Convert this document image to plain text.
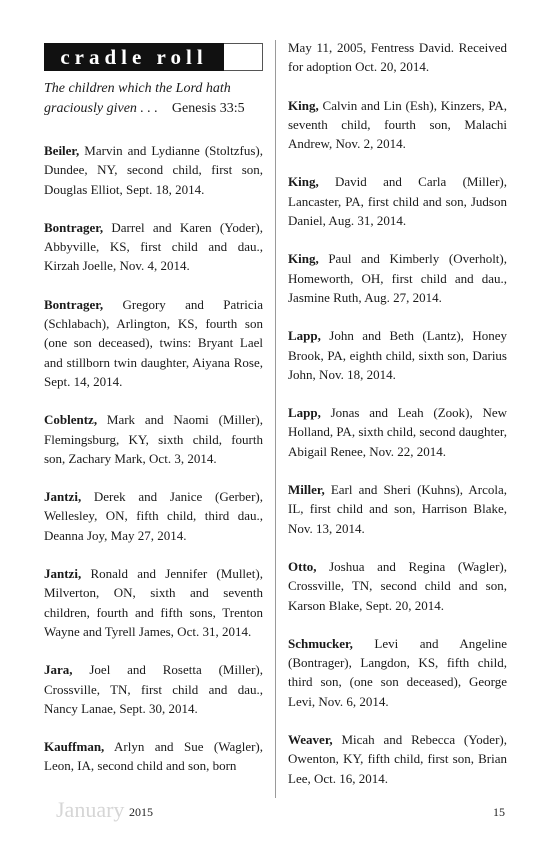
cradle roll
The children which the Lord hath graciously given . . . Genesis 33:5
Beiler, Marvin and Lydianne (Stoltzfus), Dundee, NY, second child, first son, Douglas Elliot, Sept. 18, 2014.
Bontrager, Darrel and Karen (Yoder), Abbyville, KS, first child and dau., Kirzah Joelle, Nov. 4, 2014.
Bontrager, Gregory and Patricia (Schlabach), Arlington, KS, fourth son (one son deceased), twins: Bryant Lael and stillborn twin daughter, Aiyana Rose, Sept. 14, 2014.
Coblentz, Mark and Naomi (Miller), Flemingsburg, KY, sixth child, fourth son, Zachary Mark, Oct. 3, 2014.
Jantzi, Derek and Janice (Gerber), Wellesley, ON, fifth child, third dau., Deanna Joy, May 27, 2014.
Jantzi, Ronald and Jennifer (Mullet), Milverton, ON, sixth and seventh children, fourth and fifth sons, Trenton Wayne and Tyrell James, Oct. 31, 2014.
Jara, Joel and Rosetta (Miller), Crossville, TN, first child and dau., Nancy Lanae, Sept. 30, 2014.
Kauffman, Arlyn and Sue (Wagler), Leon, IA, second child and son, born
May 11, 2005, Fentress David. Received for adoption Oct. 20, 2014.
King, Calvin and Lin (Esh), Kinzers, PA, seventh child, fourth son, Malachi Andrew, Nov. 2, 2014.
King, David and Carla (Miller), Lancaster, PA, first child and son, Judson Daniel, Aug. 31, 2014.
King, Paul and Kimberly (Overholt), Homeworth, OH, first child and dau., Jasmine Ruth, Aug. 27, 2014.
Lapp, John and Beth (Lantz), Honey Brook, PA, eighth child, sixth son, Darius John, Nov. 18, 2014.
Lapp, Jonas and Leah (Zook), New Holland, PA, sixth child, second daughter, Abigail Renee, Nov. 22, 2014.
Miller, Earl and Sheri (Kuhns), Arcola, IL, first child and son, Harrison Blake, Nov. 13, 2014.
Otto, Joshua and Regina (Wagler), Crossville, TN, second child and son, Karson Blake, Sept. 20, 2014.
Schmucker, Levi and Angeline (Bontrager), Langdon, KS, fifth child, third son, (one son deceased), George Levi, Nov. 6, 2014.
Weaver, Micah and Rebecca (Yoder), Owenton, KY, fifth child, first son, Brian Lee, Oct. 16, 2014.
January 2015	15
